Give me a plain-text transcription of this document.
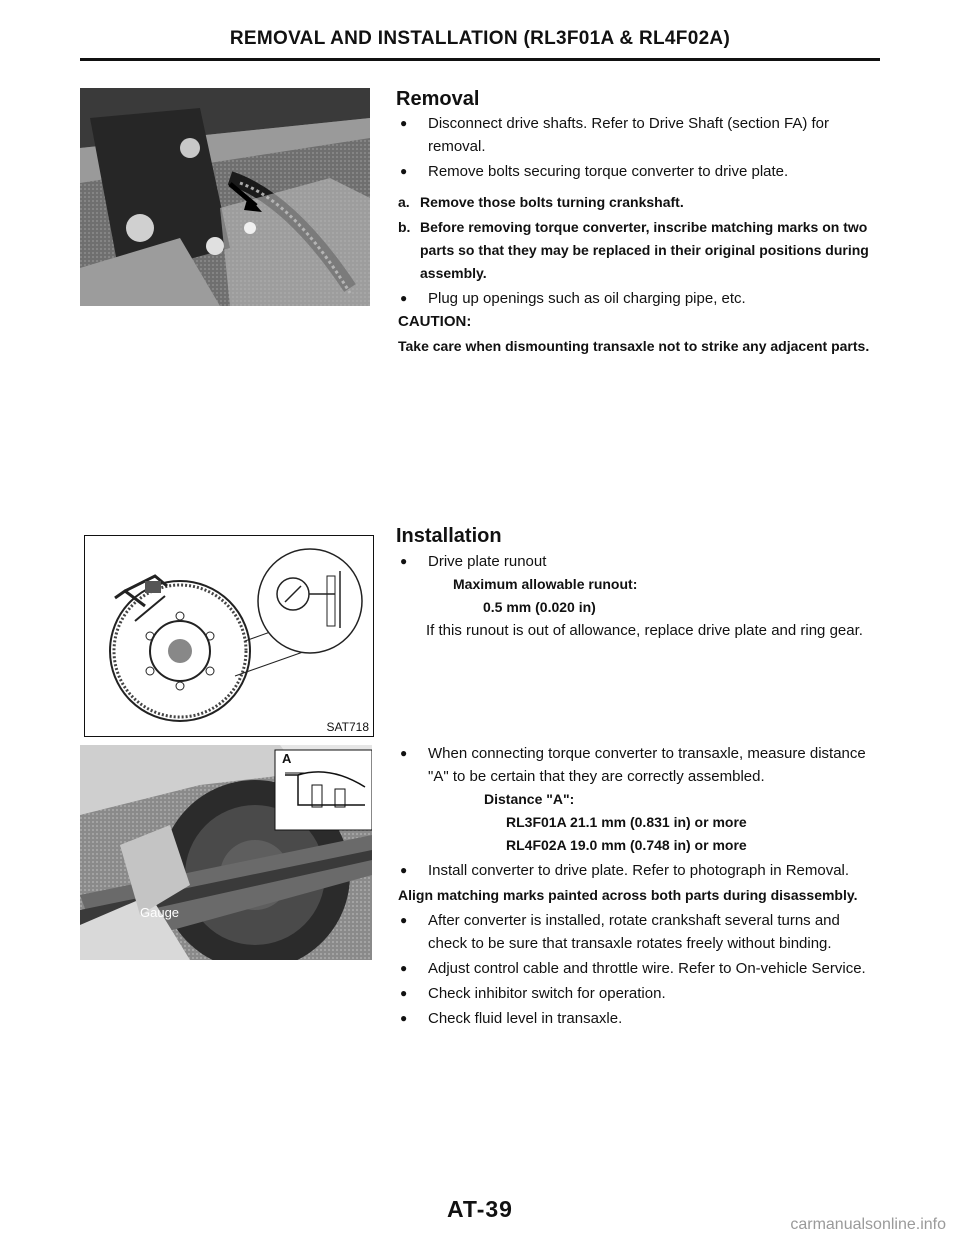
REMOVAL AND INSTALLATION (RL3F01A & RL4F02A)
Removal
●	Disconnect drive shafts. Refer to Drive Shaft (section FA) for removal.
●	Remove bolts securing torque converter to drive plate.
a. Remove those bolts turning crankshaft.
b. Before removing torque converter, inscribe matching marks on two parts so that they may be replaced in their original positions during assembly.
●	Plug up openings such as oil charging pipe, etc.
CAUTION:
Take care when dismounting transaxle not to strike any adjacent parts.
SAT718
Installation
●	Drive plate runout
Maximum allowable runout:
0.5 mm (0.020 in)
If this runout is out of allowance, replace drive plate and ring gear.
A
Gauge
●	When connecting torque converter to transaxle, measure distance "A" to be certain that they are correctly assembled.
Distance "A":
RL3F01A 21.1 mm (0.831 in) or more
RL4F02A 19.0 mm (0.748 in) or more
●	Install converter to drive plate. Refer to photograph in Removal.
Align matching marks painted across both parts during disassembly.
●	After converter is installed, rotate crankshaft several turns and check to be sure that transaxle rotates freely without binding.
●	Adjust control cable and throttle wire. Refer to On-vehicle Service.
●	Check inhibitor switch for operation.
●	Check fluid level in transaxle.
AT-39
carmanualsonline.info
